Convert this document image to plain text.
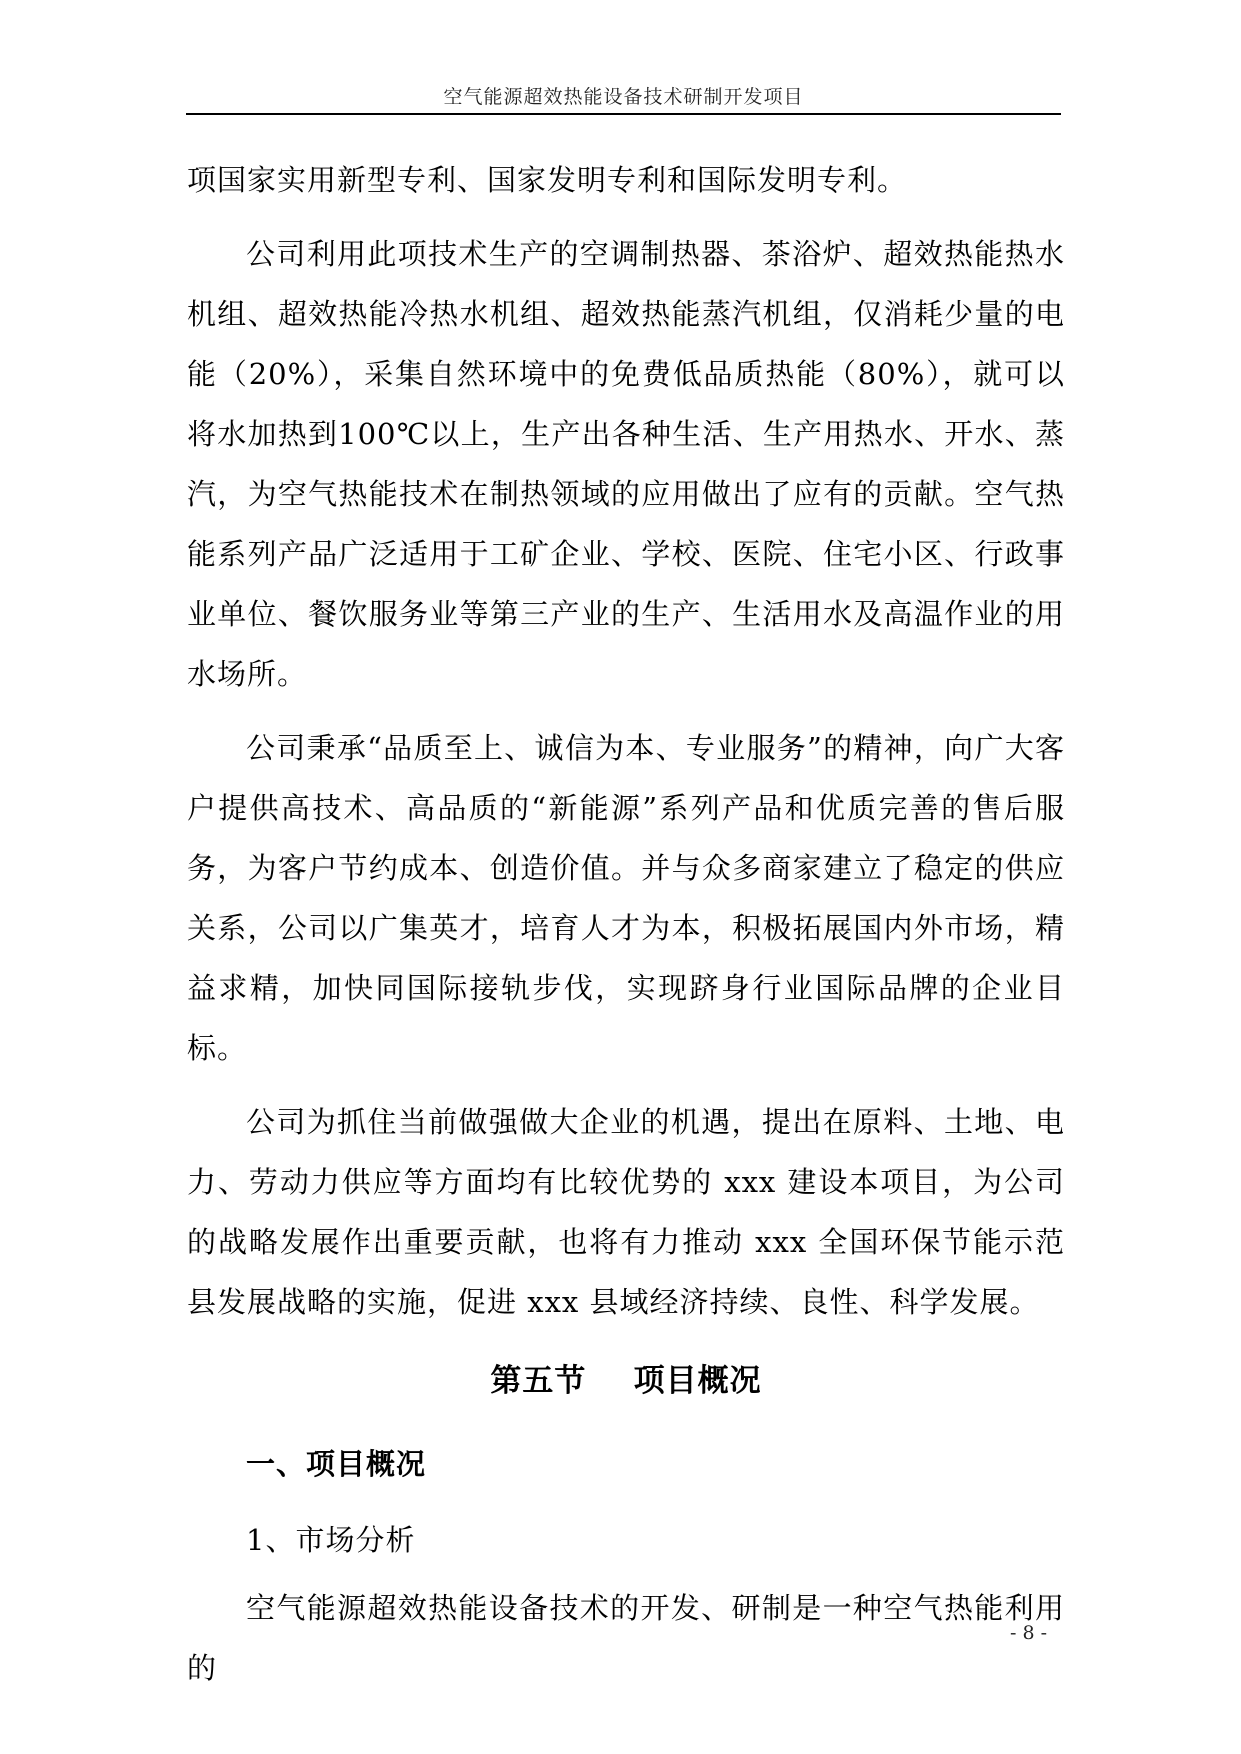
空气能源超效热能设备技术研制开发项目

项国家实用新型专利、国家发明专利和国际发明专利。

公司利用此项技术生产的空调制热器、茶浴炉、超效热能热水机组、超效热能冷热水机组、超效热能蒸汽机组，仅消耗少量的电能（20%），采集自然环境中的免费低品质热能（80%），就可以将水加热到100℃以上，生产出各种生活、生产用热水、开水、蒸汽，为空气热能技术在制热领域的应用做出了应有的贡献。空气热能系列产品广泛适用于工矿企业、学校、医院、住宅小区、行政事业单位、餐饮服务业等第三产业的生产、生活用水及高温作业的用水场所。

公司秉承“品质至上、诚信为本、专业服务”的精神，向广大客户提供高技术、高品质的“新能源”系列产品和优质完善的售后服务，为客户节约成本、创造价值。并与众多商家建立了稳定的供应关系，公司以广集英才，培育人才为本，积极拓展国内外市场，精益求精，加快同国际接轨步伐，实现跻身行业国际品牌的企业目标。

公司为抓住当前做强做大企业的机遇，提出在原料、土地、电力、劳动力供应等方面均有比较优势的 xxx 建设本项目，为公司的战略发展作出重要贡献，也将有力推动 xxx 全国环保节能示范县发展战略的实施，促进 xxx 县域经济持续、良性、科学发展。

第五节    项目概况
一、项目概况
1、市场分析

空气能源超效热能设备技术的开发、研制是一种空气热能利用的

- 8 -
